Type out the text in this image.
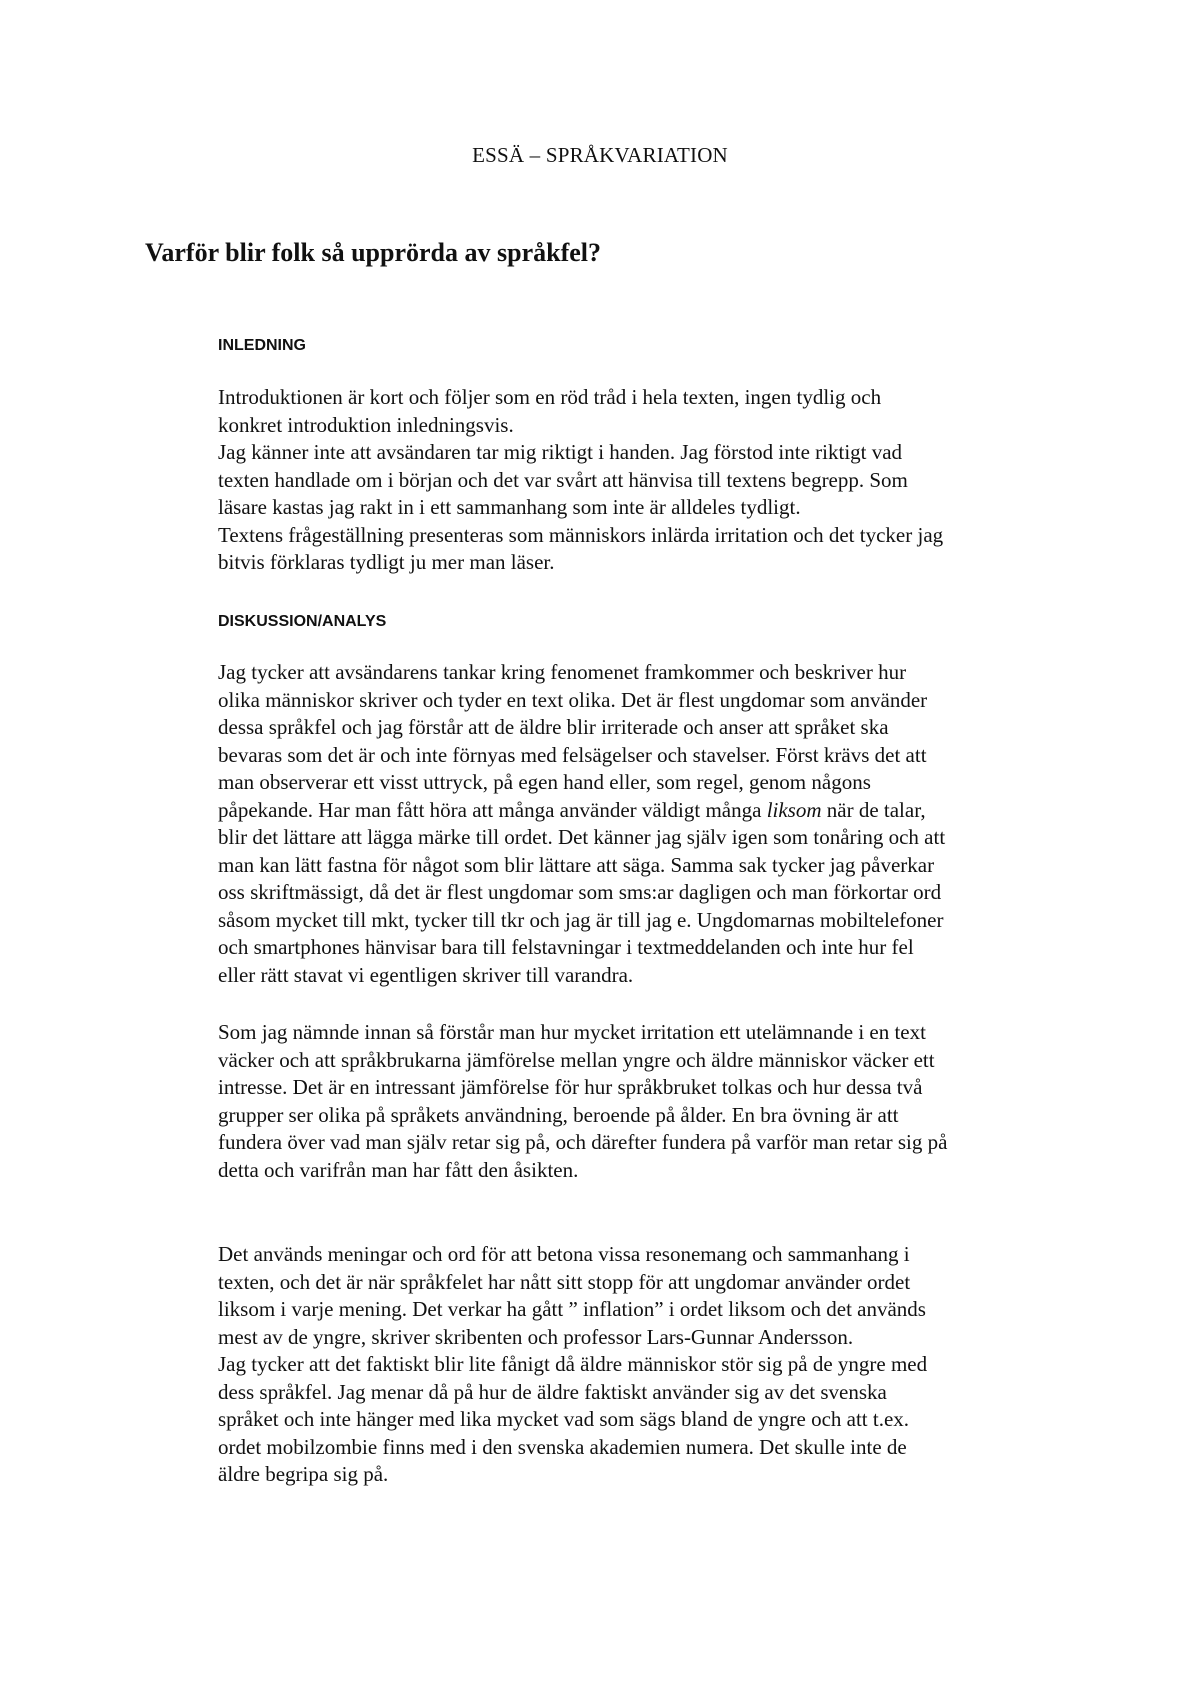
ESSÄ – SPRÅKVARIATION
Varför blir folk så upprörda av språkfel?
INLEDNING

Introduktionen är kort och följer som en röd tråd i hela texten, ingen tydlig och
konkret introduktion inledningsvis.
Jag känner inte att avsändaren tar mig riktigt i handen. Jag förstod inte riktigt vad
texten handlade om i början och det var svårt att hänvisa till textens begrepp. Som
läsare kastas jag rakt in i ett sammanhang som inte är alldeles tydligt.
Textens frågeställning presenteras som människors inlärda irritation och det tycker jag
bitvis förklaras tydligt ju mer man läser.

DISKUSSION/ANALYS

Jag tycker att avsändarens tankar kring fenomenet framkommer och beskriver hur
olika människor skriver och tyder en text olika. Det är flest ungdomar som använder
dessa språkfel och jag förstår att de äldre blir irriterade och anser att språket ska
bevaras som det är och inte förnyas med felsägelser och stavelser. Först krävs det att
man observerar ett visst uttryck, på egen hand eller, som regel, genom någons
påpekande. Har man fått höra att många använder väldigt många liksom när de talar,
blir det lättare att lägga märke till ordet. Det känner jag själv igen som tonåring och att
man kan lätt fastna för något som blir lättare att säga. Samma sak tycker jag påverkar
oss skriftmässigt, då det är flest ungdomar som sms:ar dagligen och man förkortar ord
såsom mycket till mkt, tycker till tkr och jag är till jag e. Ungdomarnas mobiltelefoner
och smartphones hänvisar bara till felstavningar i textmeddelanden och inte hur fel
eller rätt stavat vi egentligen skriver till varandra.

Som jag nämnde innan så förstår man hur mycket irritation ett utelämnande i en text
väcker och att språkbrukarna jämförelse mellan yngre och äldre människor väcker ett
intresse. Det är en intressant jämförelse för hur språkbruket tolkas och hur dessa två
grupper ser olika på språkets användning, beroende på ålder. En bra övning är att
fundera över vad man själv retar sig på, och därefter fundera på varför man retar sig på
detta och varifrån man har fått den åsikten.

Det används meningar och ord för att betona vissa resonemang och sammanhang i
texten, och det är när språkfelet har nått sitt stopp för att ungdomar använder ordet
liksom i varje mening. Det verkar ha gått ” inflation” i ordet liksom och det används
mest av de yngre, skriver skribenten och professor Lars-Gunnar Andersson.
Jag tycker att det faktiskt blir lite fånigt då äldre människor stör sig på de yngre med
dess språkfel. Jag menar då på hur de äldre faktiskt använder sig av det svenska
språket och inte hänger med lika mycket vad som sägs bland de yngre och att t.ex.
ordet mobilzombie finns med i den svenska akademien numera. Det skulle inte de
äldre begripa sig på.
